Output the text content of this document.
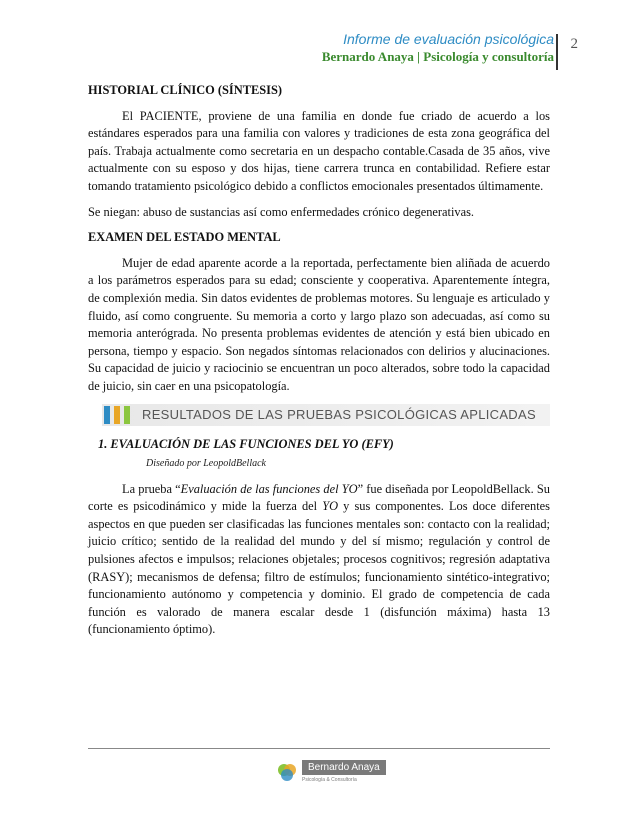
Informe de evaluación psicológica
Bernardo Anaya | Psicología y consultoría
2
HISTORIAL CLÍNICO (SÍNTESIS)

El PACIENTE, proviene de una familia en donde fue criado de acuerdo a los estándares esperados para una familia con valores y tradiciones de esta zona geográfica del país. Trabaja actualmente como secretaria en un despacho contable.Casada de 35 años, vive actualmente con su esposo y dos hijas, tiene carrera trunca en contabilidad. Refiere estar tomando tratamiento psicológico debido a conflictos emocionales presentados últimamente.

Se niegan: abuso de sustancias así como enfermedades crónico degenerativas.

EXAMEN DEL ESTADO MENTAL

Mujer de edad aparente acorde a la reportada, perfectamente bien aliñada de acuerdo a los parámetros esperados para su edad; consciente y cooperativa. Aparentemente íntegra, de complexión media. Sin datos evidentes de problemas motores. Su lenguaje es articulado y fluido, así como congruente. Su memoria a corto y largo plazo son adecuadas, así como su memoria anterógrada. No presenta problemas evidentes de atención y está bien ubicado en persona, tiempo y espacio. Son negados síntomas relacionados con delirios y alucinaciones. Su capacidad de juicio y raciocinio se encuentran un poco alterados, sobre todo la capacidad de juicio, sin caer en una psicopatología.

RESULTADOS DE LAS PRUEBAS PSICOLÓGICAS APLICADAS
1. EVALUACIÓN DE LAS FUNCIONES DEL YO (EFY)
Diseñado por LeopoldBellack

La prueba “Evaluación de las funciones del YO” fue diseñada por LeopoldBellack. Su corte es psicodinámico y mide la fuerza del YO y sus componentes. Los doce diferentes aspectos en que pueden ser clasificadas las funciones mentales son: contacto con la realidad; juicio crítico; sentido de la realidad del mundo y del sí mismo; regulación y control de pulsiones afectos e impulsos; relaciones objetales; procesos cognitivos; regresión adaptativa (RASY); mecanismos de defensa; filtro de estímulos; funcionamiento sintético-integrativo; funcionamiento autónomo y competencia y dominio. El grado de competencia de cada función es valorado de manera escalar desde 1 (disfunción máxima) hasta 13 (funcionamiento óptimo).

Bernardo Anaya
Psicología & Consultoría
